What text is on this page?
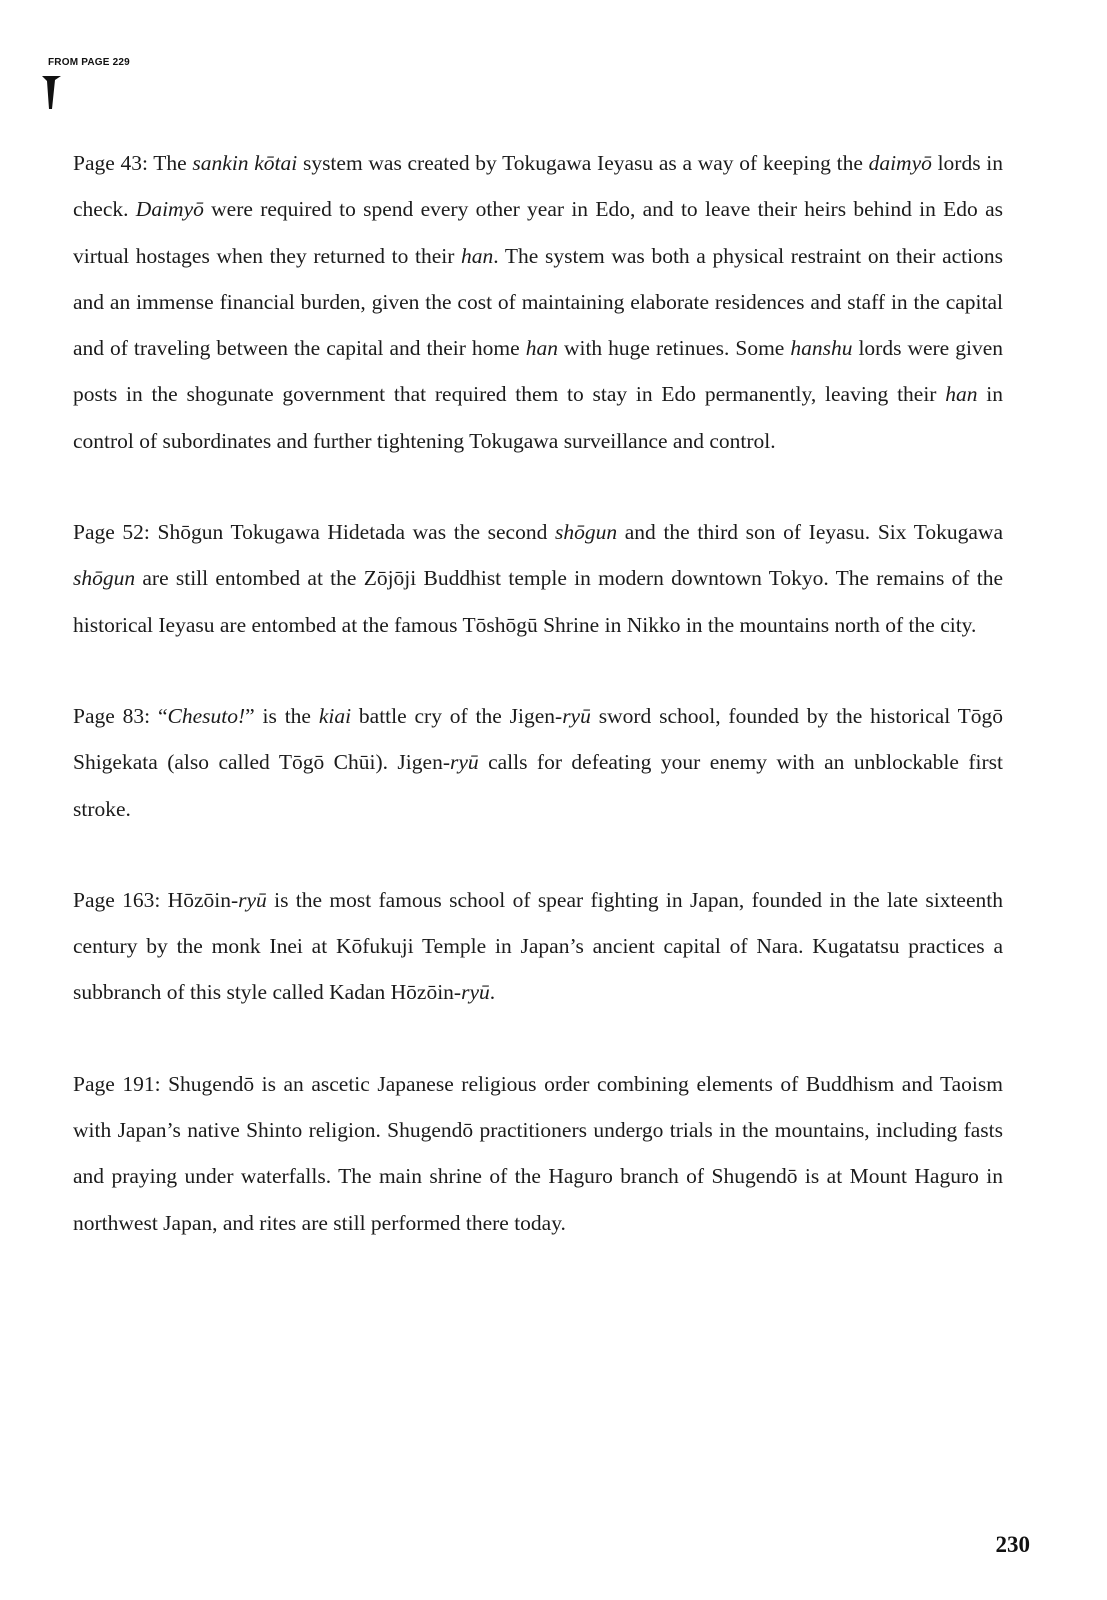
FROM PAGE 229

Page 43: The sankin kōtai system was created by Tokugawa Ieyasu as a way of keeping the daimyō lords in check. Daimyō were required to spend every other year in Edo, and to leave their heirs behind in Edo as virtual hostages when they returned to their han. The system was both a physical restraint on their actions and an immense financial burden, given the cost of maintaining elaborate residences and staff in the capital and of traveling between the capital and their home han with huge retinues. Some hanshu lords were given posts in the shogunate government that required them to stay in Edo permanently, leaving their han in control of subordinates and further tightening Tokugawa surveillance and control.

Page 52: Shōgun Tokugawa Hidetada was the second shōgun and the third son of Ieyasu. Six Tokugawa shōgun are still entombed at the Zōjōji Buddhist temple in modern downtown Tokyo. The remains of the historical Ieyasu are entombed at the famous Tōshōgū Shrine in Nikko in the mountains north of the city.

Page 83: “Chesuto!” is the kiai battle cry of the Jigen-ryū sword school, founded by the historical Tōgō Shigekata (also called Tōgō Chūi). Jigen-ryū calls for defeating your enemy with an unblockable first stroke.

Page 163: Hōzōin-ryū is the most famous school of spear fighting in Japan, founded in the late sixteenth century by the monk Inei at Kōfukuji Temple in Japan’s ancient capital of Nara. Kugatatsu practices a subbranch of this style called Kadan Hōzōin-ryū.

Page 191: Shugendō is an ascetic Japanese religious order combining elements of Buddhism and Taoism with Japan’s native Shinto religion. Shugendō practitioners undergo trials in the mountains, including fasts and praying under waterfalls. The main shrine of the Haguro branch of Shugendō is at Mount Haguro in northwest Japan, and rites are still performed there today.

230
